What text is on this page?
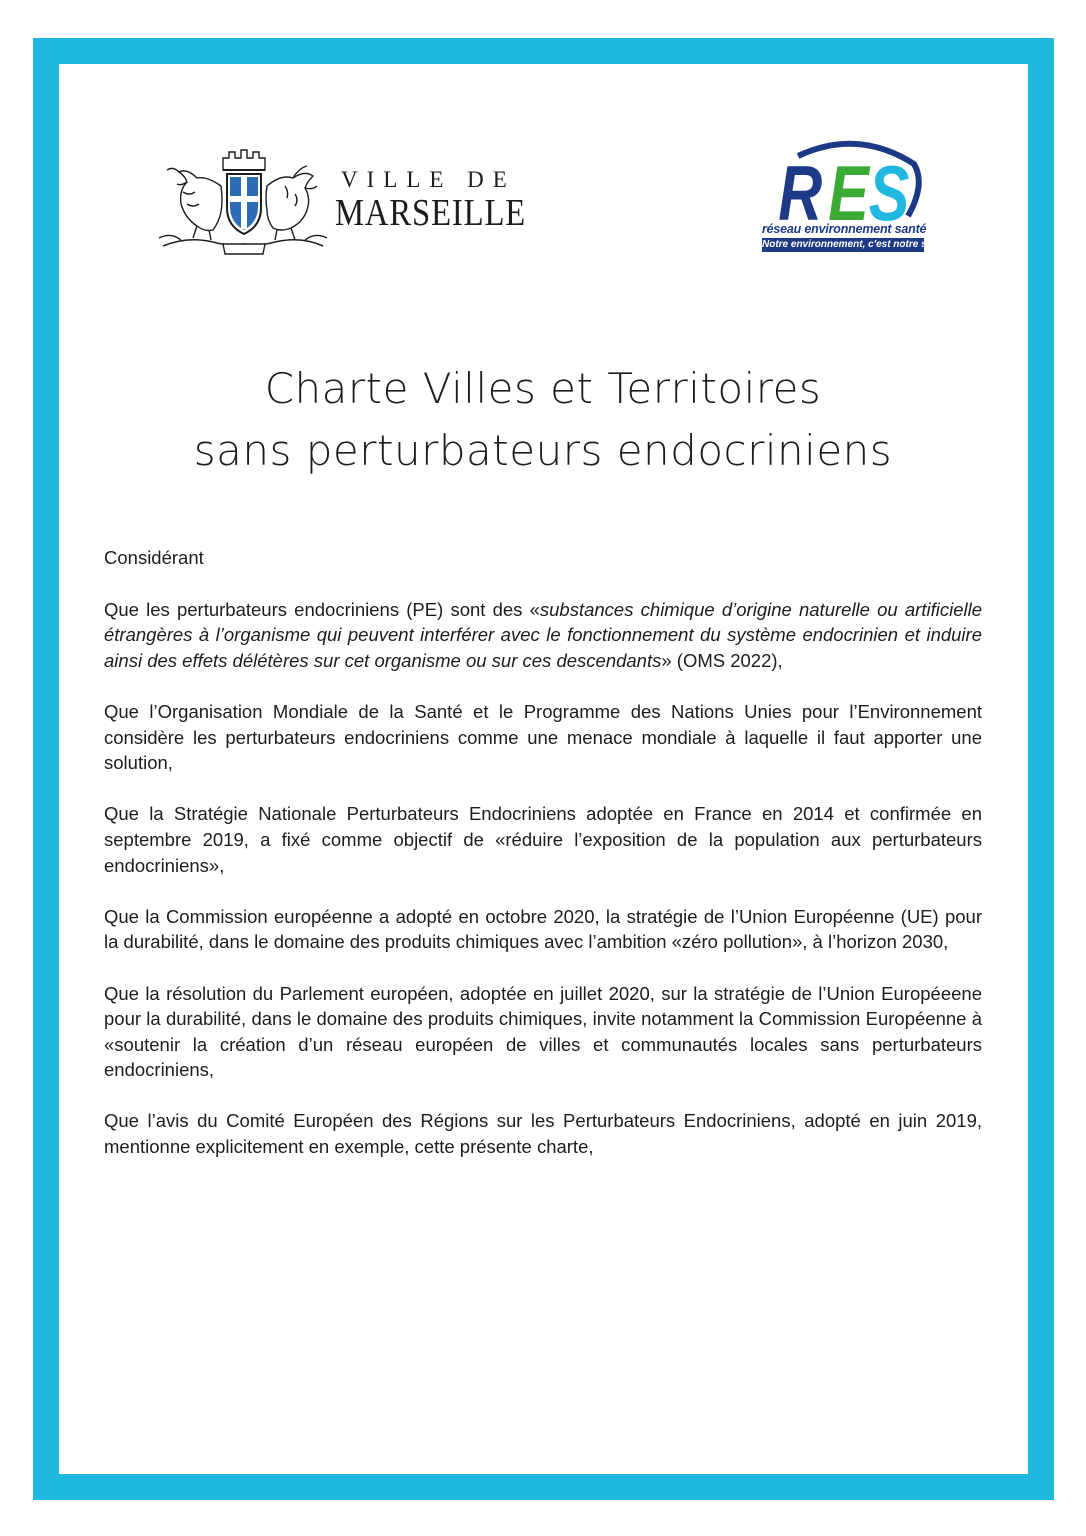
VILLE DE
MARSEILLE	R E S
réseau environnement santé
Notre environnement, c'est notre santé
Charte Villes et Territoires
sans perturbateurs endocriniens

Considérant

Que les perturbateurs endocriniens (PE) sont des «substances chimique d’origine naturelle ou artificielle étrangères à l’organisme qui peuvent interférer avec le fonctionnement du système endocrinien et induire ainsi des effets délétères sur cet organisme ou sur ces descendants» (OMS 2022),

Que l’Organisation Mondiale de la Santé et le Programme des Nations Unies pour l’Environnement considère les perturbateurs endocriniens comme une menace mondiale à laquelle il faut apporter une solution,

Que la Stratégie Nationale Perturbateurs Endocriniens adoptée en France en 2014 et confirmée en septembre 2019, a fixé comme objectif de «réduire l’exposition de la population aux perturbateurs endocriniens»,

Que la Commission européenne a adopté en octobre 2020, la stratégie de l’Union Européenne (UE) pour la durabilité, dans le domaine des produits chimiques avec l’ambition «zéro pollution», à l’horizon 2030,

Que la résolution du Parlement européen, adoptée en juillet 2020, sur la stratégie de l’Union Européeene pour la durabilité, dans le domaine des produits chimiques, invite notamment la Commission Européenne à «soutenir la création d’un réseau européen de villes et communautés locales sans perturbateurs endocriniens,

Que l’avis du Comité Européen des Régions sur les Perturbateurs Endocriniens, adopté en juin 2019, mentionne explicitement en exemple, cette présente charte,
